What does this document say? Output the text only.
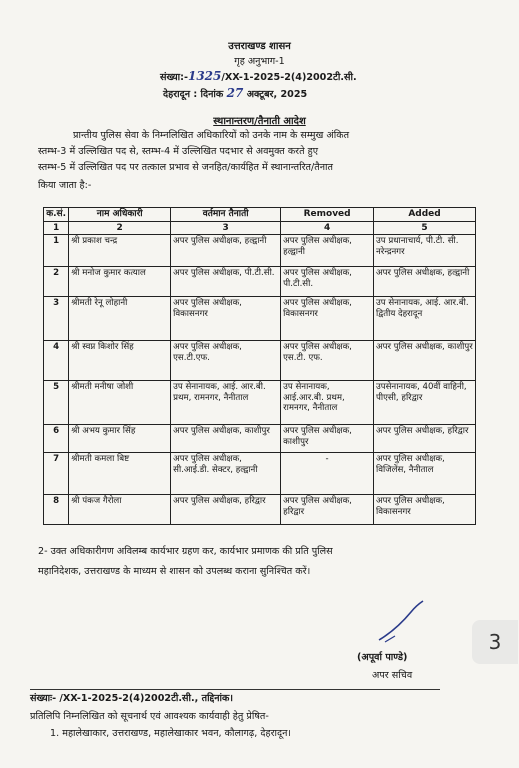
उत्तराखण्ड शासन
गृह अनुभाग-1
संख्या:-1325/XX-1-2025-2(4)2002टी.सी.
देहरादून : दिनांक 27 अक्टूबर, 2025
स्थानान्तरण/तैनाती आदेश
प्रान्तीय पुलिस सेवा के निम्नलिखित अधिकारियों को उनके नाम के सम्मुख अंकित
स्तम्भ-3 में उल्लिखित पद से, स्तम्भ-4 में उल्लिखित पदभार से अवमुक्त करते हुए
स्तम्भ-5 में उल्लिखित पद पर तत्काल प्रभाव से जनहित/कार्यहित में स्थानान्तरित/तैनात
किया जाता है:-
क.सं.	नाम अधिकारी	वर्तमान तैनाती	Removed	Added
1	2	3	4	5
1	श्री प्रकाश चन्द्र	अपर पुलिस अधीक्षक, हल्द्वानी	अपर पुलिस अधीक्षक, हल्द्वानी	उप प्रधानाचार्य, पी.टी. सी. नरेन्द्रनगर
2	श्री मनोज कुमार कत्याल	अपर पुलिस अधीक्षक, पी.टी.सी.	अपर पुलिस अधीक्षक, पी.टी.सी.	अपर पुलिस अधीक्षक, हल्द्वानी
3	श्रीमती रेनू लोहानी	अपर पुलिस अधीक्षक, विकासनगर	अपर पुलिस अधीक्षक, विकासनगर	उप सेनानायक, आई. आर.बी. द्वितीय देहरादून
4	श्री स्वप्न किशोर सिंह	अपर पुलिस अधीक्षक, एस.टी.एफ.	अपर पुलिस अधीक्षक, एस.टी. एफ.	अपर पुलिस अधीक्षक, काशीपुर
5	श्रीमती मनीषा जोशी	उप सेनानायक, आई. आर.बी. प्रथम, रामनगर, नैनीताल	उप सेनानायक, आई.आर.बी. प्रथम, रामनगर, नैनीताल	उपसेनानायक, 40वीं वाहिनी, पीएसी, हरिद्वार
6	श्री अभय कुमार सिंह	अपर पुलिस अधीक्षक, काशीपुर	अपर पुलिस अधीक्षक, काशीपुर	अपर पुलिस अधीक्षक, हरिद्वार
7	श्रीमती कमला बिष्ट	अपर पुलिस अधीक्षक, सी.आई.डी. सेक्टर, हल्द्वानी	-	अपर पुलिस अधीक्षक, विजिलेंस, नैनीताल
8	श्री पंकज गैरोला	अपर पुलिस अधीक्षक, हरिद्वार	अपर पुलिस अधीक्षक, हरिद्वार	अपर पुलिस अधीक्षक, विकासनगर
2- उक्त अधिकारीगण अविलम्ब कार्यभार ग्रहण कर, कार्यभार प्रमाणक की प्रति पुलिस
महानिदेशक, उत्तराखण्ड के माध्यम से शासन को उपलब्ध कराना सुनिश्चित करें।
3
(अपूर्वा पाण्डे)
अपर सचिव
संख्याः- /XX-1-2025-2(4)2002टी.सी., तद्दिनांक।
प्रतिलिपि निम्नलिखित को सूचनार्थ एवं आवश्यक कार्यवाही हेतु प्रेषित-
1. महालेखाकार, उत्तराखण्ड, महालेखाकार भवन, कौलागढ़, देहरादून।
